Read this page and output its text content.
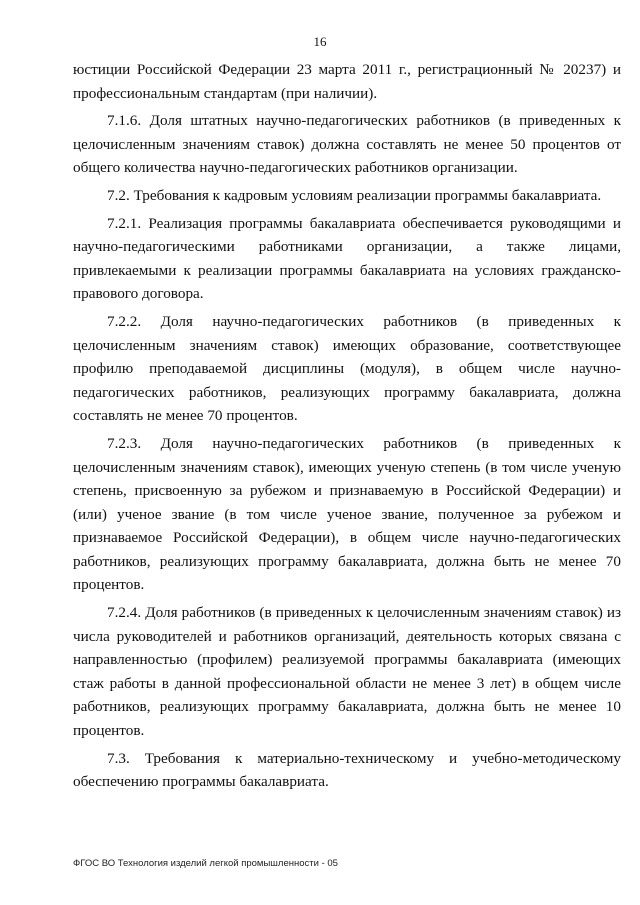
16

юстиции Российской Федерации 23 марта 2011 г., регистрационный № 20237) и профессиональным стандартам (при наличии).

7.1.6. Доля штатных научно-педагогических работников (в приведенных к целочисленным значениям ставок) должна составлять не менее 50 процентов от общего количества научно-педагогических работников организации.

7.2. Требования к кадровым условиям реализации программы бакалавриата.

7.2.1. Реализация программы бакалавриата обеспечивается руководящими и научно-педагогическими работниками организации, а также лицами, привлекаемыми к реализации программы бакалавриата на условиях гражданско-правового договора.

7.2.2. Доля научно-педагогических работников (в приведенных к целочисленным значениям ставок) имеющих образование, соответствующее профилю преподаваемой дисциплины (модуля), в общем числе научно-педагогических работников, реализующих программу бакалавриата, должна составлять не менее 70 процентов.

7.2.3. Доля научно-педагогических работников (в приведенных к целочисленным значениям ставок), имеющих ученую степень (в том числе ученую степень, присвоенную за рубежом и признаваемую в Российской Федерации) и (или) ученое звание (в том числе ученое звание, полученное за рубежом и признаваемое Российской Федерации), в общем числе научно-педагогических работников, реализующих программу бакалавриата, должна быть не менее 70 процентов.

7.2.4. Доля работников (в приведенных к целочисленным значениям ставок) из числа руководителей и работников организаций, деятельность которых связана с направленностью (профилем) реализуемой программы бакалавриата (имеющих стаж работы в данной профессиональной области не менее 3 лет) в общем числе работников, реализующих программу бакалавриата, должна быть не менее 10 процентов.

7.3. Требования к материально-техническому и учебно-методическому обеспечению программы бакалавриата.

ФГОС ВО Технология изделий легкой промышленности - 05
